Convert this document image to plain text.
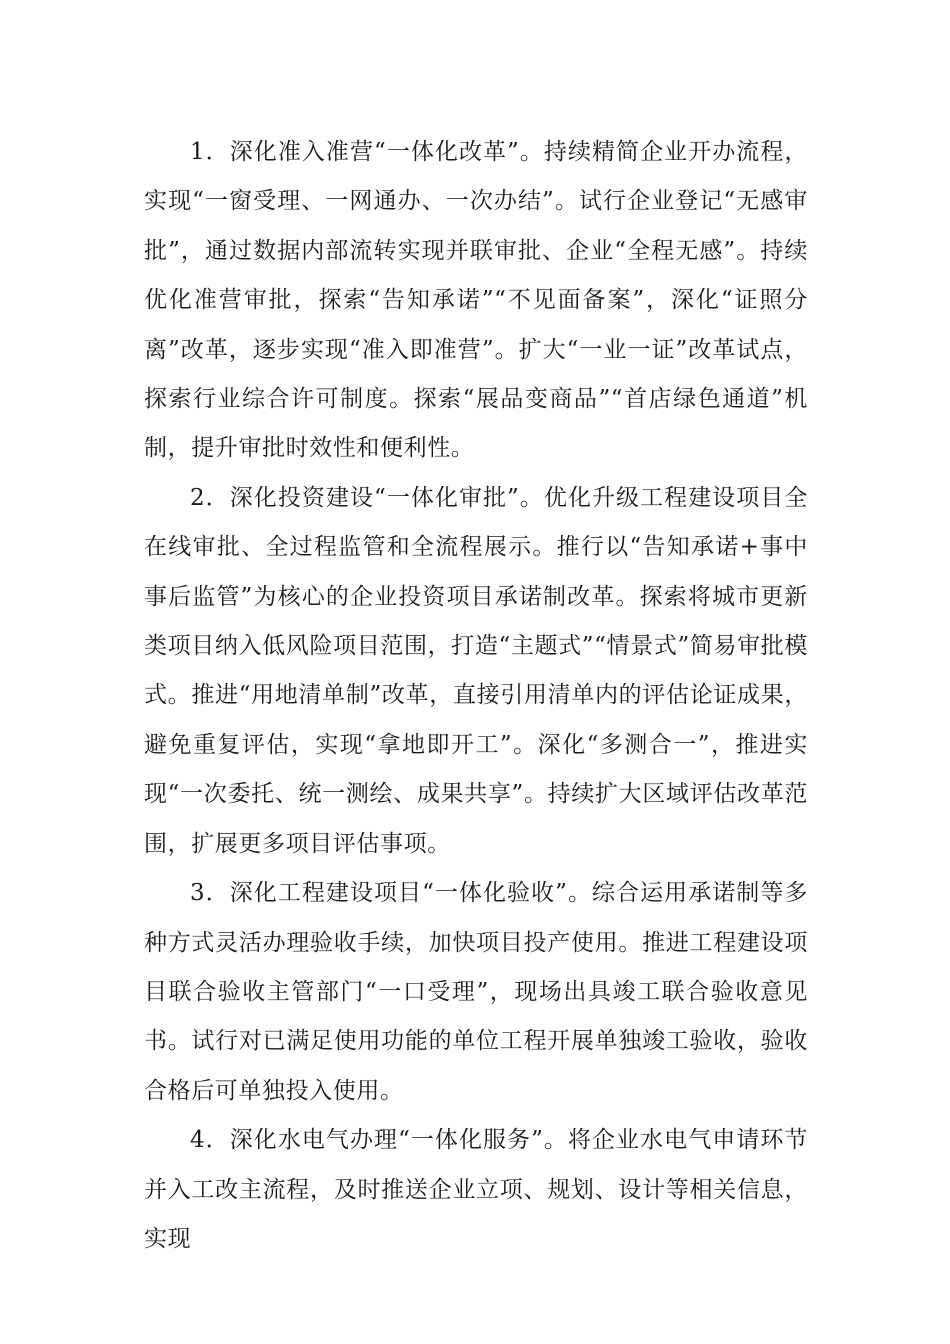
1．深化准入准营“一体化改革”。持续精简企业开办流程，实现“一窗受理、一网通办、一次办结”。试行企业登记“无感审批”，通过数据内部流转实现并联审批、企业“全程无感”。持续优化准营审批，探索“告知承诺”“不见面备案”，深化“证照分离”改革，逐步实现“准入即准营”。扩大“一业一证”改革试点，探索行业综合许可制度。探索“展品变商品”“首店绿色通道”机制，提升审批时效性和便利性。

2．深化投资建设“一体化审批”。优化升级工程建设项目全在线审批、全过程监管和全流程展示。推行以“告知承诺+事中事后监管”为核心的企业投资项目承诺制改革。探索将城市更新类项目纳入低风险项目范围，打造“主题式”“情景式”简易审批模式。推进“用地清单制”改革，直接引用清单内的评估论证成果，避免重复评估，实现“拿地即开工”。深化“多测合一”，推进实现“一次委托、统一测绘、成果共享”。持续扩大区域评估改革范围，扩展更多项目评估事项。

3．深化工程建设项目“一体化验收”。综合运用承诺制等多种方式灵活办理验收手续，加快项目投产使用。推进工程建设项目联合验收主管部门“一口受理”，现场出具竣工联合验收意见书。试行对已满足使用功能的单位工程开展单独竣工验收，验收合格后可单独投入使用。

4．深化水电气办理“一体化服务”。将企业水电气申请环节并入工改主流程，及时推送企业立项、规划、设计等相关信息，实现
